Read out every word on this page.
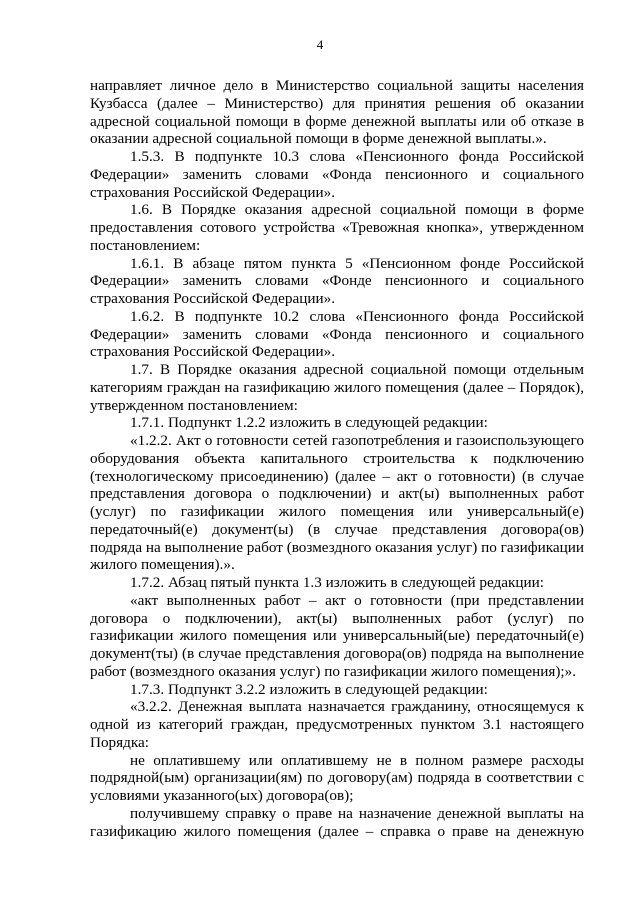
4

направляет личное дело в Министерство социальной защиты населения Кузбасса (далее – Министерство) для принятия решения об оказании адресной социальной помощи в форме денежной выплаты или об отказе в оказании адресной социальной помощи в форме денежной выплаты.».

1.5.3. В подпункте 10.3 слова «Пенсионного фонда Российской Федерации» заменить словами «Фонда пенсионного и социального страхования Российской Федерации».

1.6. В Порядке оказания адресной социальной помощи в форме предоставления сотового устройства «Тревожная кнопка», утвержденном постановлением:

1.6.1. В абзаце пятом пункта 5 «Пенсионном фонде Российской Федерации» заменить словами «Фонде пенсионного и социального страхования Российской Федерации».

1.6.2. В подпункте 10.2 слова «Пенсионного фонда Российской Федерации» заменить словами «Фонда пенсионного и социального страхования Российской Федерации».

1.7. В Порядке оказания адресной социальной помощи отдельным категориям граждан на газификацию жилого помещения (далее – Порядок), утвержденном постановлением:

1.7.1. Подпункт 1.2.2 изложить в следующей редакции:

«1.2.2. Акт о готовности сетей газопотребления и газоиспользующего оборудования объекта капитального строительства к подключению (технологическому присоединению) (далее – акт о готовности) (в случае представления договора о подключении) и акт(ы) выполненных работ (услуг) по газификации жилого помещения или универсальный(е) передаточный(е) документ(ы) (в случае представления договора(ов) подряда на выполнение работ (возмездного оказания услуг) по газификации жилого помещения).».

1.7.2. Абзац пятый пункта 1.3 изложить в следующей редакции:

«акт выполненных работ – акт о готовности (при представлении договора о подключении), акт(ы) выполненных работ (услуг) по газификации жилого помещения или универсальный(ые) передаточный(е) документ(ты) (в случае представления договора(ов) подряда на выполнение работ (возмездного оказания услуг) по газификации жилого помещения);».

1.7.3. Подпункт 3.2.2 изложить в следующей редакции:

«3.2.2. Денежная выплата назначается гражданину, относящемуся к одной из категорий граждан, предусмотренных пунктом 3.1 настоящего Порядка:

не оплатившему или оплатившему не в полном размере расходы подрядной(ым) организации(ям) по договору(ам) подряда в соответствии с условиями указанного(ых) договора(ов);

получившему справку о праве на назначение денежной выплаты на газификацию жилого помещения (далее – справка о праве на денежную
